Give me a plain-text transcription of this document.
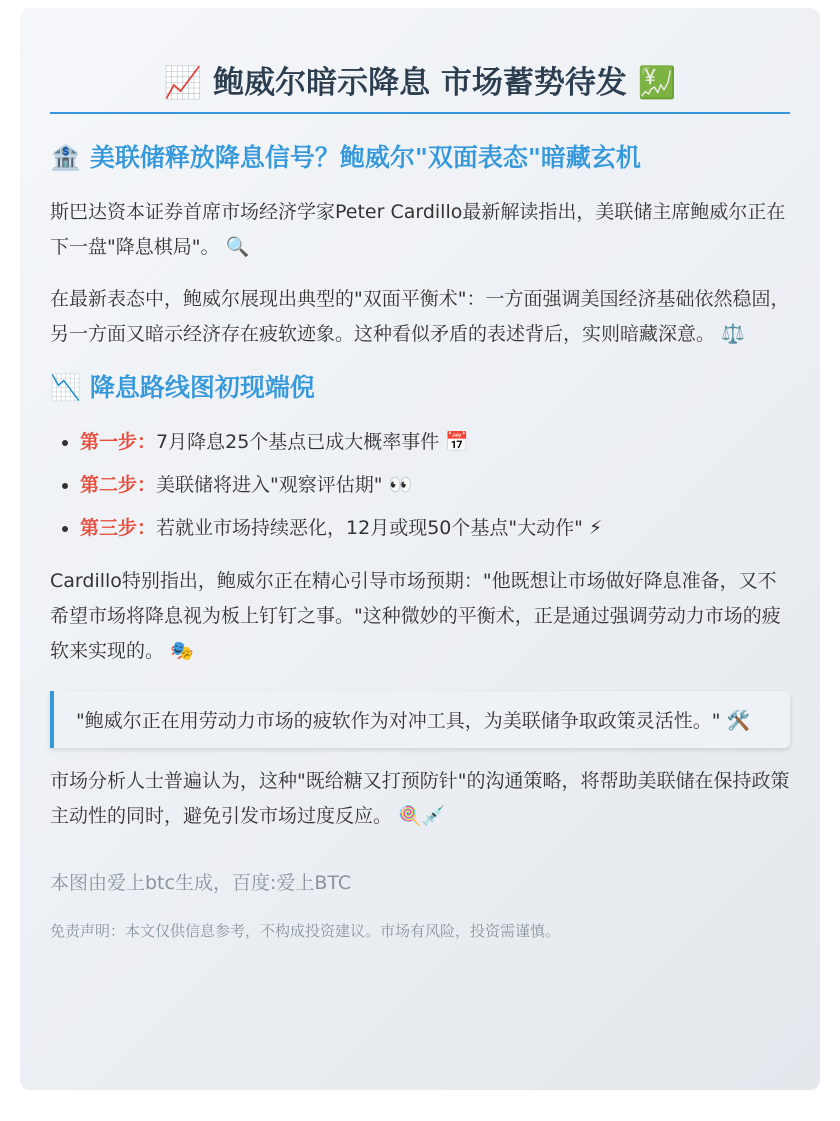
📈 鲍威尔暗示降息 市场蓄势待发 💹
🏦 美联储释放降息信号？鲍威尔"双面表态"暗藏玄机

斯巴达资本证券首席市场经济学家Peter Cardillo最新解读指出，美联储主席鲍威尔正在下一盘"降息棋局"。 🔍

在最新表态中，鲍威尔展现出典型的"双面平衡术"：一方面强调美国经济基础依然稳固，另一方面又暗示经济存在疲软迹象。这种看似矛盾的表述背后，实则暗藏深意。 ⚖️

📉 降息路线图初现端倪
• 第一步：7月降息25个基点已成大概率事件 📅
• 第二步：美联储将进入"观察评估期" 👀
• 第三步：若就业市场持续恶化，12月或现50个基点"大动作" ⚡

Cardillo特别指出，鲍威尔正在精心引导市场预期："他既想让市场做好降息准备，又不希望市场将降息视为板上钉钉之事。"这种微妙的平衡术，正是通过强调劳动力市场的疲软来实现的。 🎭

"鲍威尔正在用劳动力市场的疲软作为对冲工具，为美联储争取政策灵活性。" 🛠️

市场分析人士普遍认为，这种"既给糖又打预防针"的沟通策略，将帮助美联储在保持政策主动性的同时，避免引发市场过度反应。 🍭💉

本图由爱上btc生成，百度:爱上BTC
免责声明：本文仅供信息参考，不构成投资建议。市场有风险，投资需谨慎。
